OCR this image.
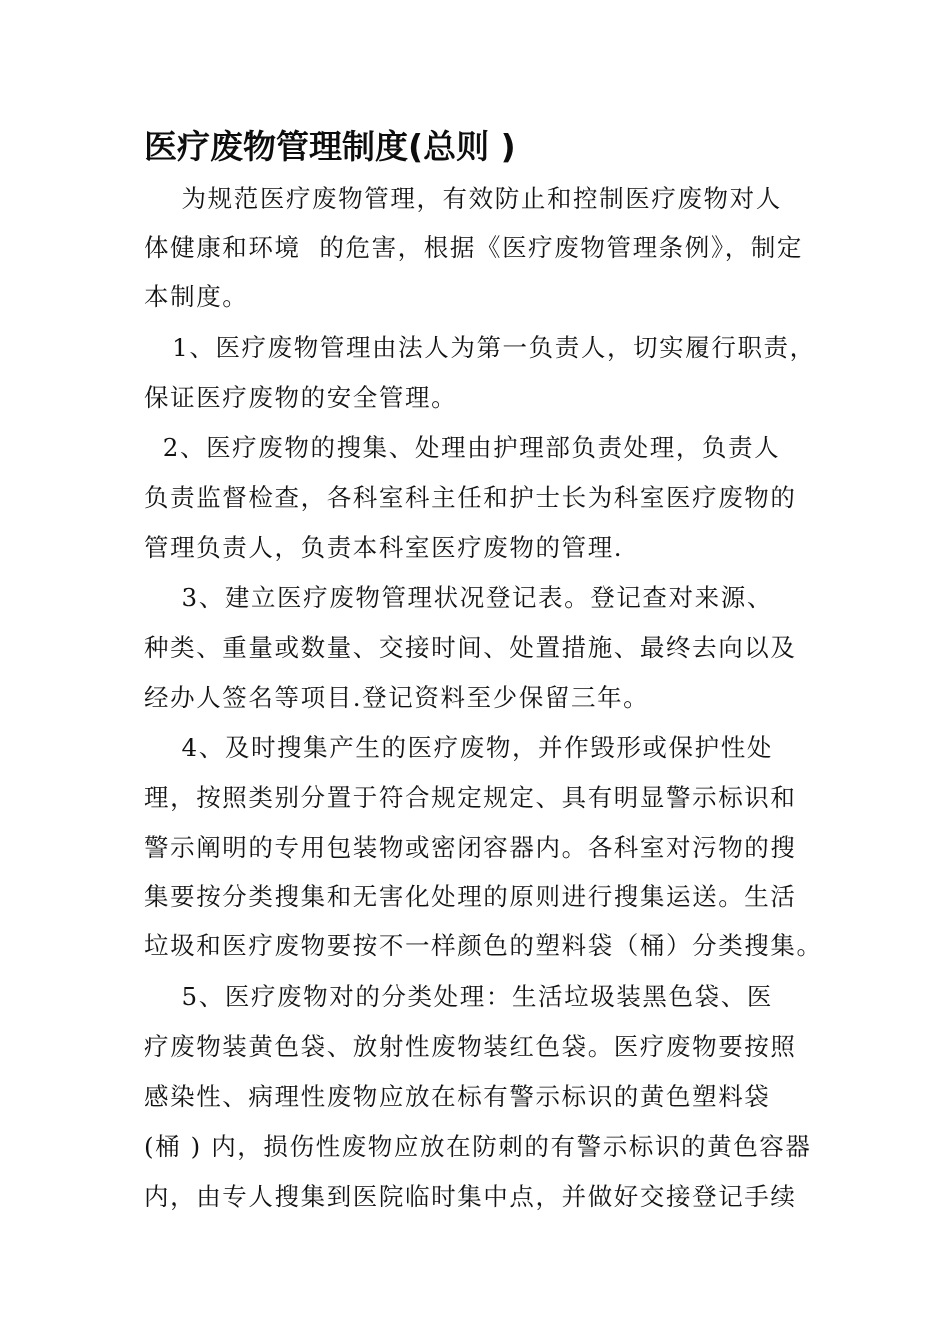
医疗废物管理制度(总则 )
为规范医疗废物管理，有效防止和控制医疗废物对人
体健康和环境  的危害，根据《医疗废物管理条例》，制定
本制度。
1、医疗废物管理由法人为第一负责人，切实履行职责，
保证医疗废物的安全管理。
2、医疗废物的搜集、处理由护理部负责处理，负责人
负责监督检查，各科室科主任和护士长为科室医疗废物的
管理负责人，负责本科室医疗废物的管理.
3、建立医疗废物管理状况登记表。登记查对来源、
种类、重量或数量、交接时间、处置措施、最终去向以及
经办人签名等项目.登记资料至少保留三年。
4、及时搜集产生的医疗废物，并作毁形或保护性处
理，按照类别分置于符合规定规定、具有明显警示标识和
警示阐明的专用包装物或密闭容器内。各科室对污物的搜
集要按分类搜集和无害化处理的原则进行搜集运送。生活
垃圾和医疗废物要按不一样颜色的塑料袋（桶）分类搜集。
5、医疗废物对的分类处理：生活垃圾装黑色袋、医
疗废物装黄色袋、放射性废物装红色袋。医疗废物要按照
感染性、病理性废物应放在标有警示标识的黄色塑料袋
(桶 ) 内，损伤性废物应放在防刺的有警示标识的黄色容器
内，由专人搜集到医院临时集中点，并做好交接登记手续
